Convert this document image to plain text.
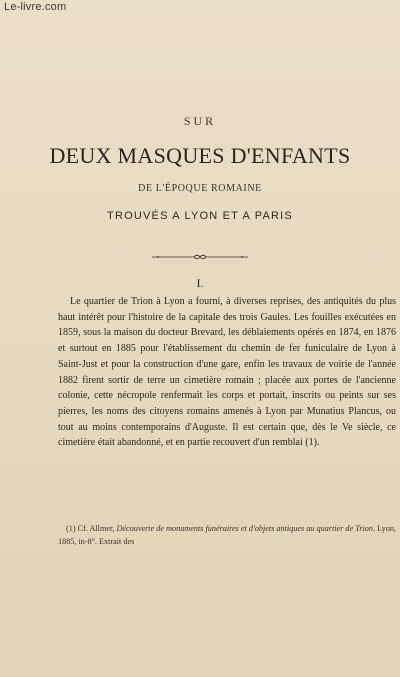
Le-livre.com
SUR
DEUX MASQUES D'ENFANTS
DE L'ÉPOQUE ROMAINE
TROUVÉS A LYON ET A PARIS
I.

Le quartier de Trion à Lyon a fourni, à diverses reprises, des antiquités du plus haut intérêt pour l'histoire de la capitale des trois Gaules. Les fouilles exécutées en 1859, sous la maison du docteur Brevard, les déblaiements opérés en 1874, en 1876 et surtout en 1885 pour l'établissement du chemin de fer funiculaire de Lyon à Saint-Just et pour la construction d'une gare, enfin les travaux de voirie de l'année 1882 firent sortir de terre un cimetière romain ; placée aux portes de l'ancienne colonie, cette nécropole renfermait les corps et portait, inscrits ou peints sur ses pierres, les noms des citoyens romains amenés à Lyon par Munatius Plancus, ou tout au moins contemporains d'Auguste. Il est certain que, dès le Ve siècle, ce cimetière était abandonné, et en partie recouvert d'un remblai (1).

(1) Cf. Allmer, Découverte de monuments funéraires et d'objets antiques au quartier de Trion. Lyon, 1885, in-8°. Extrait des
